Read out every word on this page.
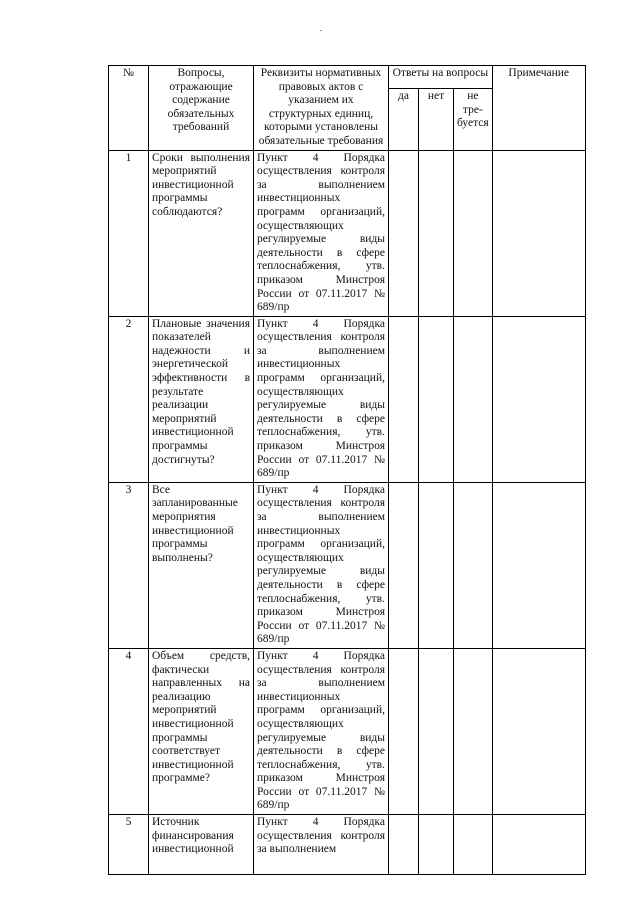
№	Вопросы, отражающие содержание обязательных требований	Реквизиты нормативных правовых актов с указанием их структурных единиц, которыми установлены обязательные требования	Ответы на вопросы			Примечание
			да	нет	не тре-буется	
1	Сроки выполнения мероприятий инвестиционной программы соблюдаются?	Пункт 4 Порядка осуществления контроля за выполнением инвестиционных программ организаций, осуществляющих регулируемые виды деятельности в сфере теплоснабжения, утв. приказом Минстроя России от 07.11.2017 № 689/пр				
2	Плановые значения показателей надежности и энергетической эффективности в результате реализации мероприятий инвестиционной программы достигнуты?	Пункт 4 Порядка осуществления контроля за выполнением инвестиционных программ организаций, осуществляющих регулируемые виды деятельности в сфере теплоснабжения, утв. приказом Минстроя России от 07.11.2017 № 689/пр				
3	Все запланированные мероприятия инвестиционной программы выполнены?	Пункт 4 Порядка осуществления контроля за выполнением инвестиционных программ организаций, осуществляющих регулируемые виды деятельности в сфере теплоснабжения, утв. приказом Минстроя России от 07.11.2017 № 689/пр				
4	Объем средств, фактически направленных на реализацию мероприятий инвестиционной программы соответствует инвестиционной программе?	Пункт 4 Порядка осуществления контроля за выполнением инвестиционных программ организаций, осуществляющих регулируемые виды деятельности в сфере теплоснабжения, утв. приказом Минстроя России от 07.11.2017 № 689/пр				
5	Источник финансирования инвестиционной	Пункт 4 Порядка осуществления контроля за выполнением				
